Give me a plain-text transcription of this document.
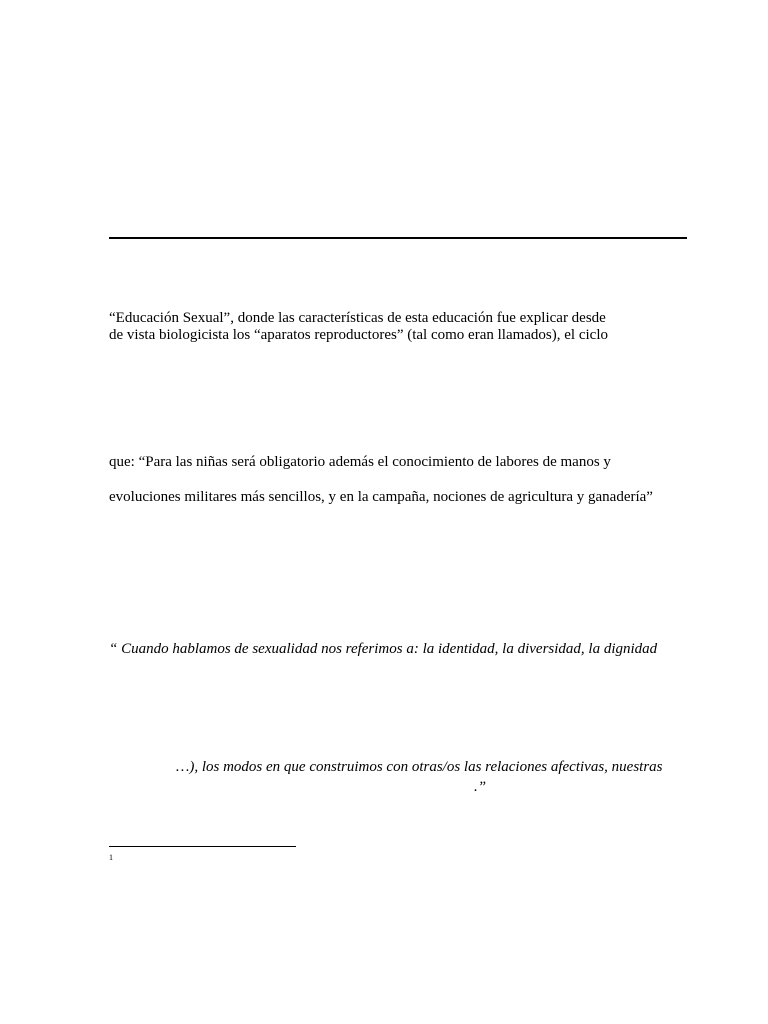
“Educación Sexual”, donde las características de esta educación fue explicar desde
de vista biologicista los “aparatos reproductores” (tal como eran llamados), el ciclo
que: “Para las niñas será obligatorio además el conocimiento de labores de manos y
evoluciones militares más sencillos, y en la campaña, nociones de agricultura y ganadería”
“ Cuando hablamos de sexualidad nos referimos a: la identidad, la diversidad, la dignidad
…), los modos en que construimos con otras/os las relaciones afectivas, nuestras
.”
1
